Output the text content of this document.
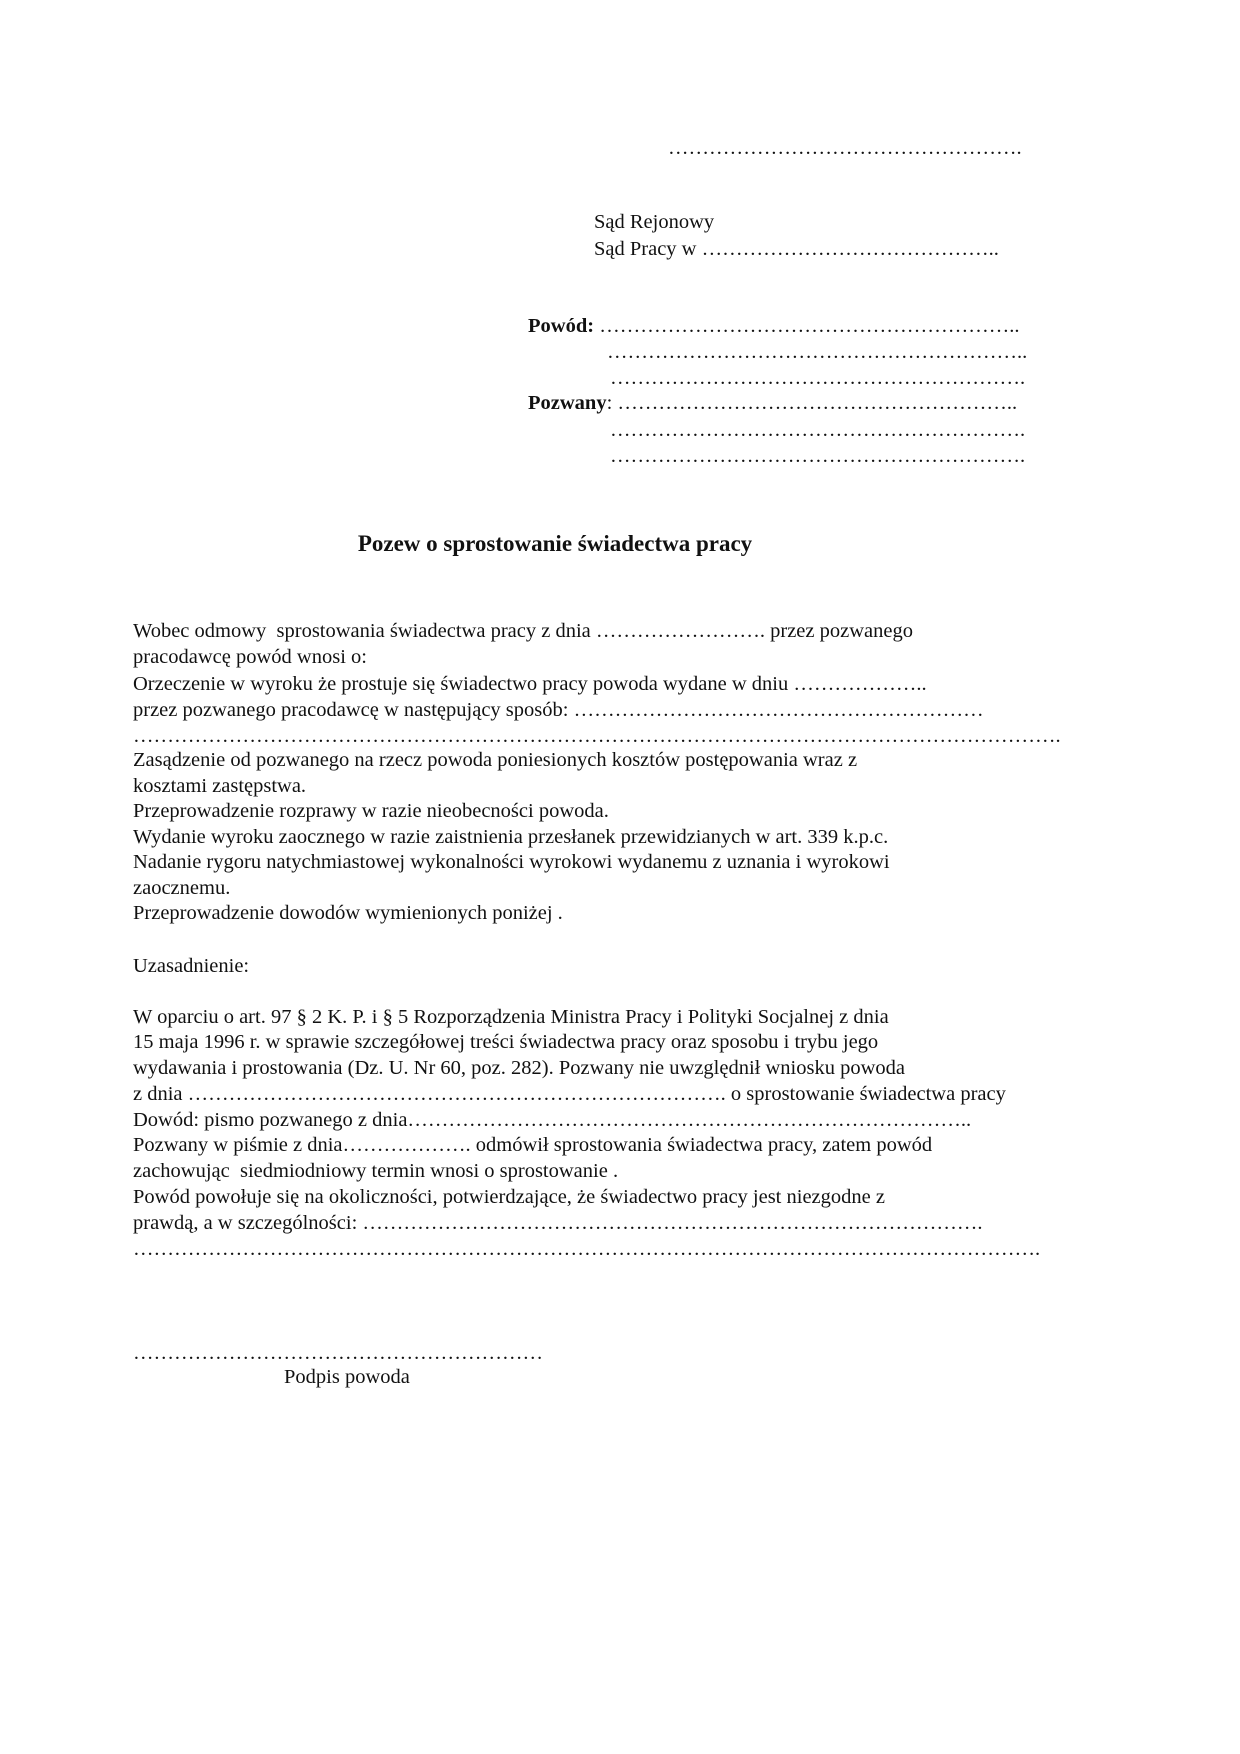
…………………………………………….
Sąd Rejonowy
Sąd Pracy w ……………………………………..
Powód: ……………………………………………………..
……………………………………………………..
…………………………………………………….
Pozwany: …………………………………………………..
…………………………………………………….
…………………………………………………….
Pozew o sprostowanie świadectwa pracy
Wobec odmowy  sprostowania świadectwa pracy z dnia ……………………. przez pozwanego
pracodawcę powód wnosi o:
Orzeczenie w wyroku że prostuje się świadectwo pracy powoda wydane w dniu ………………..
przez pozwanego pracodawcę w następujący sposób: ……………………………………………………
……………………………………………………………………………………………………………………….
Zasądzenie od pozwanego na rzecz powoda poniesionych kosztów postępowania wraz z
kosztami zastępstwa.
Przeprowadzenie rozprawy w razie nieobecności powoda.
Wydanie wyroku zaocznego w razie zaistnienia przesłanek przewidzianych w art. 339 k.p.c.
Nadanie rygoru natychmiastowej wykonalności wyrokowi wydanemu z uznania i wyrokowi
zaocznemu.
Przeprowadzenie dowodów wymienionych poniżej .
Uzasadnienie:
W oparciu o art. 97 § 2 K. P. i § 5 Rozporządzenia Ministra Pracy i Polityki Socjalnej z dnia
15 maja 1996 r. w sprawie szczegółowej treści świadectwa pracy oraz sposobu i trybu jego
wydawania i prostowania (Dz. U. Nr 60, poz. 282). Pozwany nie uwzględnił wniosku powoda
z dnia ……………………………………………………………………. o sprostowanie świadectwa pracy
Dowód: pismo pozwanego z dnia………………………………………………………………………..
Pozwany w piśmie z dnia………………. odmówił sprostowania świadectwa pracy, zatem powód
zachowując  siedmiodniowy termin wnosi o sprostowanie .
Powód powołuje się na okoliczności, potwierdzające, że świadectwo pracy jest niezgodne z
prawdą, a w szczególności: ……………………………………………………………………………….
…………………………………………………………………………………………………………………….
……………………………………………………
Podpis powoda
